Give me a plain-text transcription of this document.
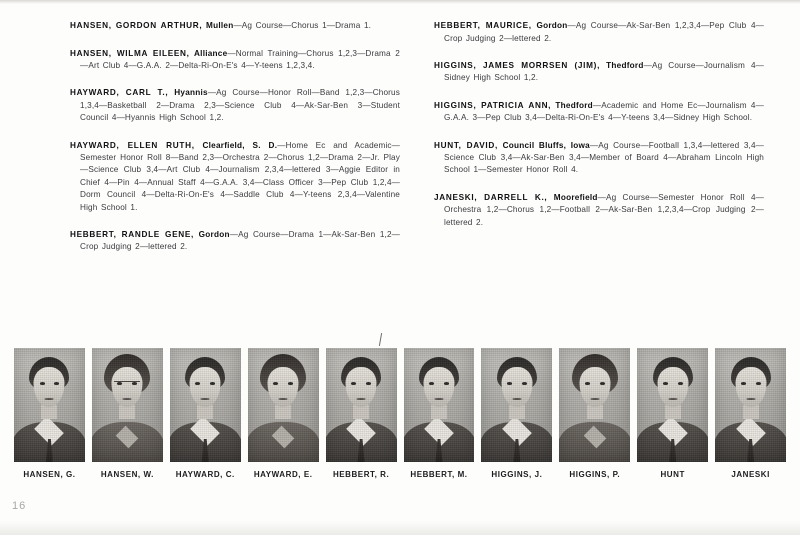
HANSEN, GORDON ARTHUR, Mullen—Ag Course—Chorus 1—Drama 1.

HANSEN, WILMA EILEEN, Alliance—Normal Training—Chorus 1,2,3—Drama 2—Art Club 4—G.A.A. 2—Delta-Ri-On-E's 4—Y-teens 1,2,3,4.

HAYWARD, CARL T., Hyannis—Ag Course—Honor Roll—Band 1,2,3—Chorus 1,3,4—Basketball 2—Drama 2,3—Science Club 4—Ak-Sar-Ben 3—Student Council 4—Hyannis High School 1,2.

HAYWARD, ELLEN RUTH, Clearfield, S. D.—Home Ec and Academic—Semester Honor Roll 8—Band 2,3—Orchestra 2—Chorus 1,2—Drama 2—Jr. Play—Science Club 3,4—Art Club 4—Journalism 2,3,4—lettered 3—Aggie Editor in Chief 4—Pin 4—Annual Staff 4—G.A.A. 3,4—Class Officer 3—Pep Club 1,2,4—Dorm Council 4—Delta-Ri-On-E's 4—Saddle Club 4—Y-teens 2,3,4—Valentine High School 1.

HEBBERT, RANDLE GENE, Gordon—Ag Course—Drama 1—Ak-Sar-Ben 1,2—Crop Judging 2—lettered 2.

HEBBERT, MAURICE, Gordon—Ag Course—Ak-Sar-Ben 1,2,3,4—Pep Club 4—Crop Judging 2—lettered 2.

HIGGINS, JAMES MORRSEN (JIM), Thedford—Ag Course—Journalism 4—Sidney High School 1,2.

HIGGINS, PATRICIA ANN, Thedford—Academic and Home Ec—Journalism 4—G.A.A. 3—Pep Club 3,4—Delta-Ri-On-E's 4—Y-teens 3,4—Sidney High School.

HUNT, DAVID, Council Bluffs, Iowa—Ag Course—Football 1,3,4—lettered 3,4—Science Club 3,4—Ak-Sar-Ben 3,4—Member of Board 4—Abraham Lincoln High School 1—Semester Honor Roll 4.

JANESKI, DARRELL K., Moorefield—Ag Course—Semester Honor Roll 4—Orchestra 1,2—Chorus 1,2—Football 2—Ak-Sar-Ben 1,2,3,4—Crop Judging 2—lettered 2.

HANSEN, G.	HANSEN, W.	HAYWARD, C.	HAYWARD, E.	HEBBERT, R.	HEBBERT, M.	HIGGINS, J.	HIGGINS, P.	HUNT	JANESKI
16
